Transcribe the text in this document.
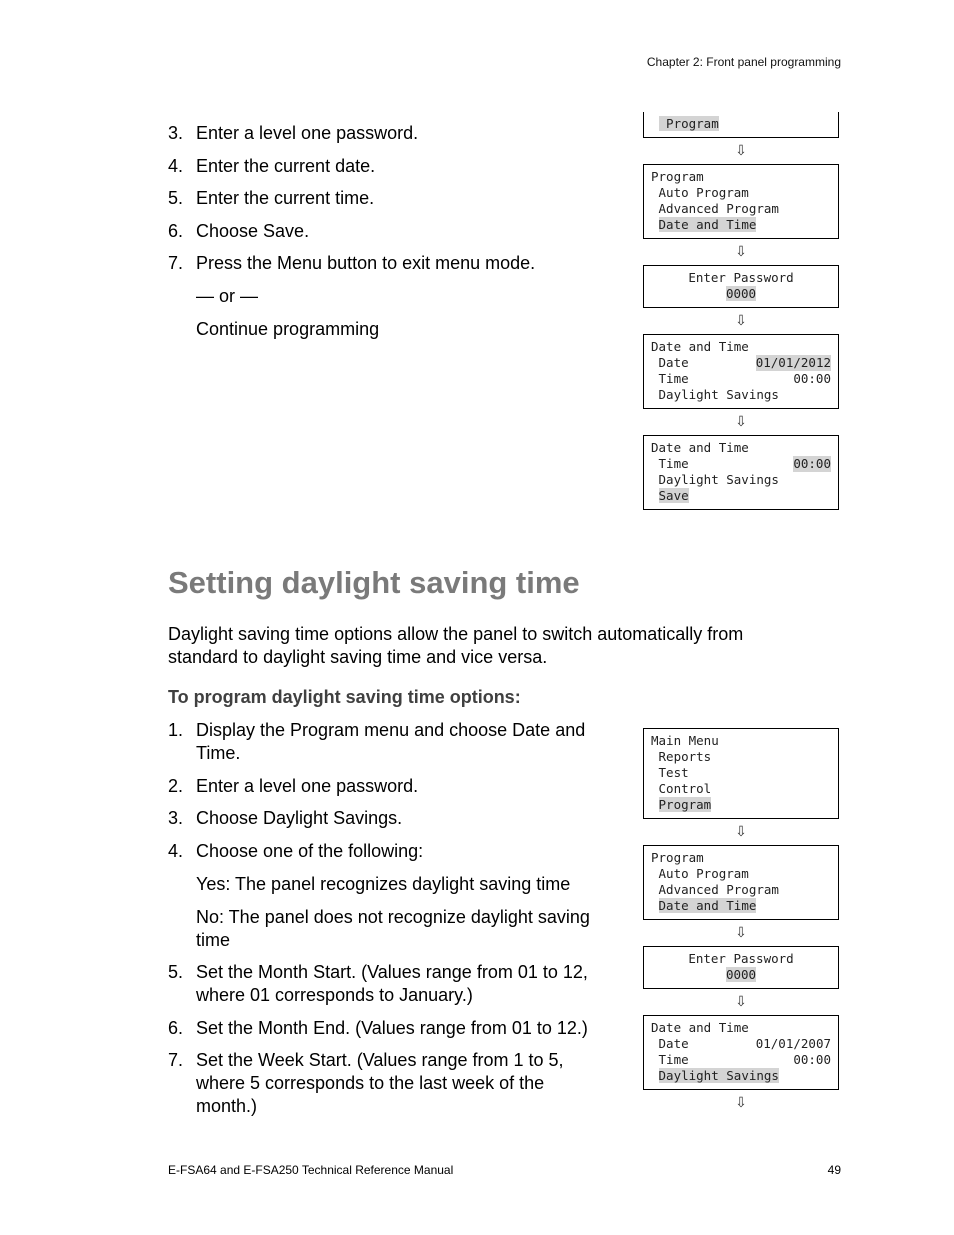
Chapter 2: Front panel programming
3. Enter a level one password.
4. Enter the current date.
5. Enter the current time.
6. Choose Save.
7. Press the Menu button to exit menu mode.
— or —
Continue programming
Program
⇩
Program
Auto Program
Advanced Program
Date and Time
⇩
Enter Password
0000
⇩
Date and Time
Date	01/01/2012
Time	00:00
Daylight Savings
⇩
Date and Time
Time	00:00
Daylight Savings
Save
Setting daylight saving time

Daylight saving time options allow the panel to switch automatically from standard to daylight saving time and vice versa.

To program daylight saving time options:

1. Display the Program menu and choose Date and Time.
2. Enter a level one password.
3. Choose Daylight Savings.
4. Choose one of the following:
Yes: The panel recognizes daylight saving time
No: The panel does not recognize daylight saving time
5. Set the Month Start. (Values range from 01 to 12, where 01 corresponds to January.)
6. Set the Month End. (Values range from 01 to 12.)
7. Set the Week Start. (Values range from 1 to 5, where 5 corresponds to the last week of the month.)
Main Menu
Reports
Test
Control
Program
⇩
Program
Auto Program
Advanced Program
Date and Time
⇩
Enter Password
0000
⇩
Date and Time
Date	01/01/2007
Time	00:00
Daylight Savings
⇩
E-FSA64 and E-FSA250 Technical Reference Manual	49
